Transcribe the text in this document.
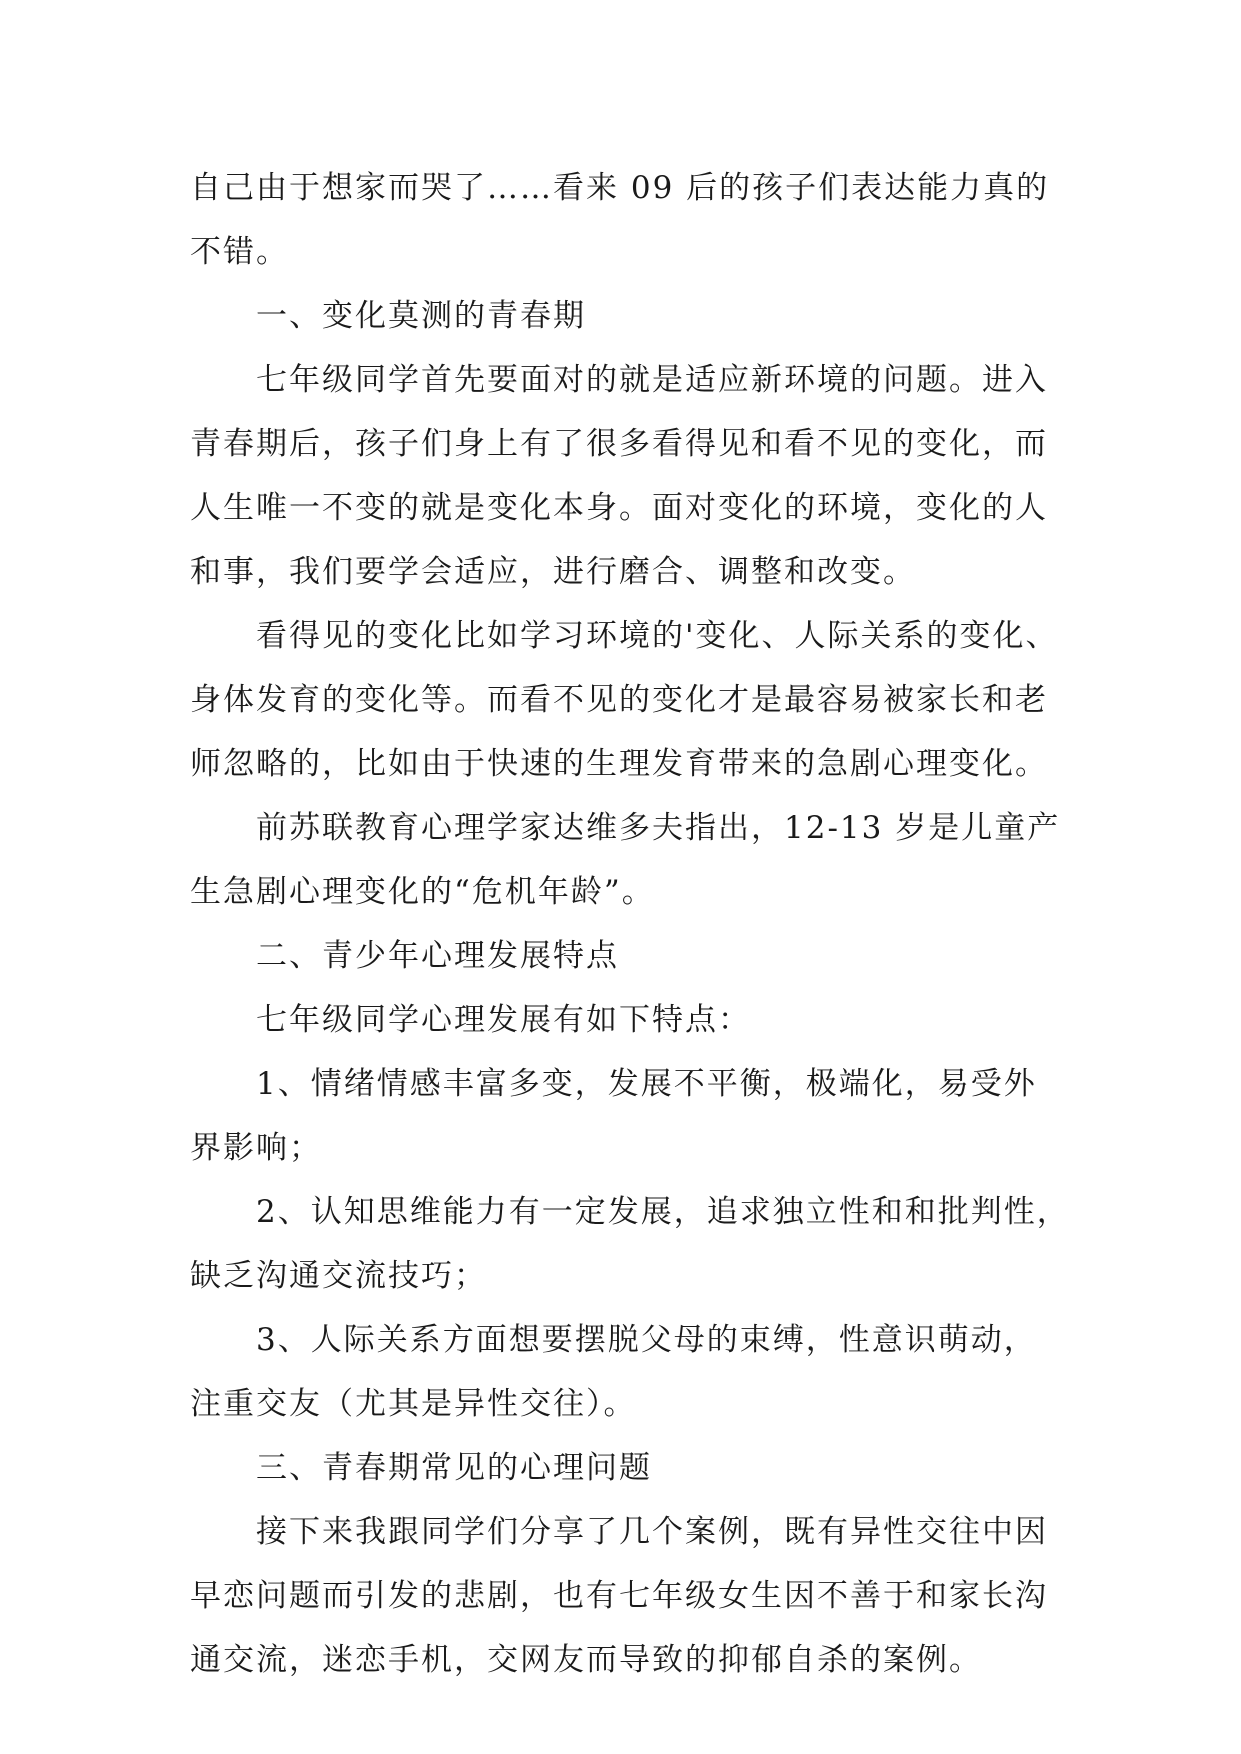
自己由于想家而哭了……看来 09 后的孩子们表达能力真的
不错。

一、变化莫测的青春期

七年级同学首先要面对的就是适应新环境的问题。进入
青春期后，孩子们身上有了很多看得见和看不见的变化，而
人生唯一不变的就是变化本身。面对变化的环境，变化的人
和事，我们要学会适应，进行磨合、调整和改变。

看得见的变化比如学习环境的'变化、人际关系的变化、
身体发育的变化等。而看不见的变化才是最容易被家长和老
师忽略的，比如由于快速的生理发育带来的急剧心理变化。

前苏联教育心理学家达维多夫指出，12-13 岁是儿童产
生急剧心理变化的“危机年龄”。

二、青少年心理发展特点

七年级同学心理发展有如下特点：

1、情绪情感丰富多变，发展不平衡，极端化，易受外
界影响；

2、认知思维能力有一定发展，追求独立性和和批判性，
缺乏沟通交流技巧；

3、人际关系方面想要摆脱父母的束缚，性意识萌动，
注重交友（尤其是异性交往）。

三、青春期常见的心理问题

接下来我跟同学们分享了几个案例，既有异性交往中因
早恋问题而引发的悲剧，也有七年级女生因不善于和家长沟
通交流，迷恋手机，交网友而导致的抑郁自杀的案例。
